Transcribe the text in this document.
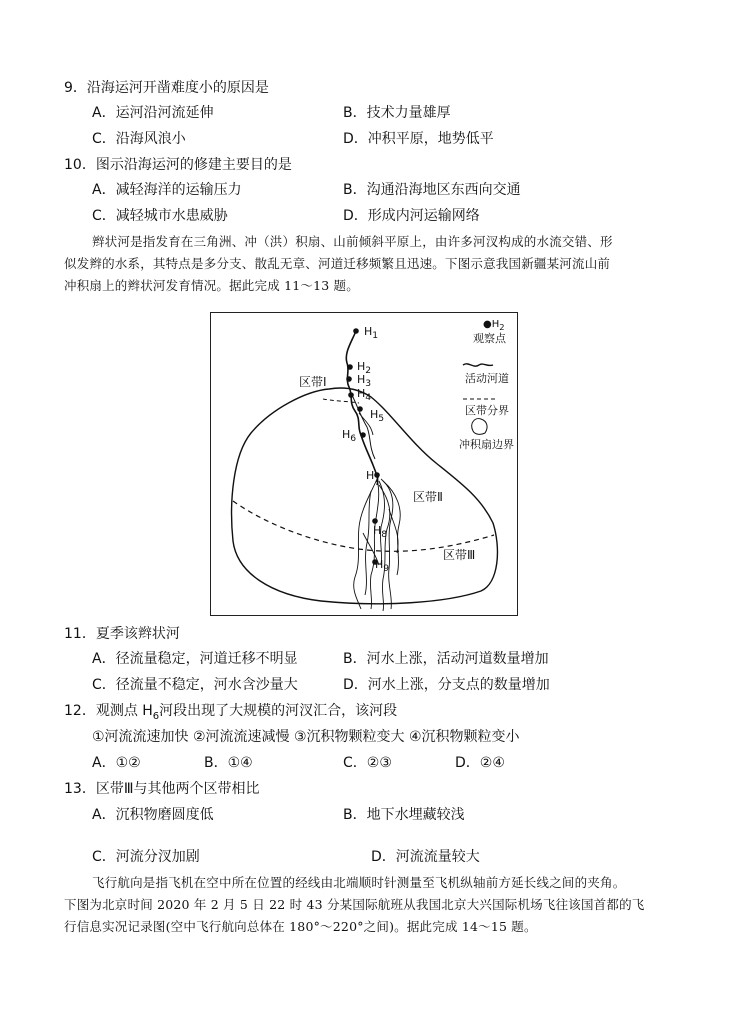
9．沿海运河开凿难度小的原因是
A．运河沿河流延伸	B．技术力量雄厚
C．沿海风浪小	D．冲积平原，地势低平
10．图示沿海运河的修建主要目的是
A．减轻海洋的运输压力	B．沟通沿海地区东西向交通
C．减轻城市水患威胁	D．形成内河运输网络
辫状河是指发育在三角洲、冲（洪）积扇、山前倾斜平原上，由许多河汊构成的水流交错、形
似发辫的水系，其特点是多分支、散乱无章、河道迁移频繁且迅速。下图示意我国新疆某河流山前
冲积扇上的辫状河发育情况。据此完成 11～13 题。
$H_1$
$H_2$
$H_3$
$H_4$
$H_5$
$H_6$
$H_7$
$H_8$
$H_9$
区带Ⅰ
区带Ⅱ
区带Ⅲ
$●H_2$
观察点
活动河道
区带分界
冲积扇边界
11．夏季该辫状河
A．径流量稳定，河道迁移不明显	B．河水上涨，活动河道数量增加
C．径流量不稳定，河水含沙量大	D．河水上涨，分支点的数量增加
12．观测点 $H_6$河段出现了大规模的河汊汇合，该河段
①河流流速加快 ②河流流速减慢 ③沉积物颗粒变大 ④沉积物颗粒变小
A．①②	B．①④	C．②③	D．②④
13．区带Ⅲ与其他两个区带相比
A．沉积物磨圆度低	B．地下水埋藏较浅
C．河流分汊加剧	D．河流流量较大
飞行航向是指飞机在空中所在位置的经线由北端顺时针测量至飞机纵轴前方延长线之间的夹角。
下图为北京时间 2020 年 2 月 5 日 22 时 43 分某国际航班从我国北京大兴国际机场飞往该国首都的飞
行信息实况记录图(空中飞行航向总体在 180°～220°之间)。据此完成 14～15 题。
